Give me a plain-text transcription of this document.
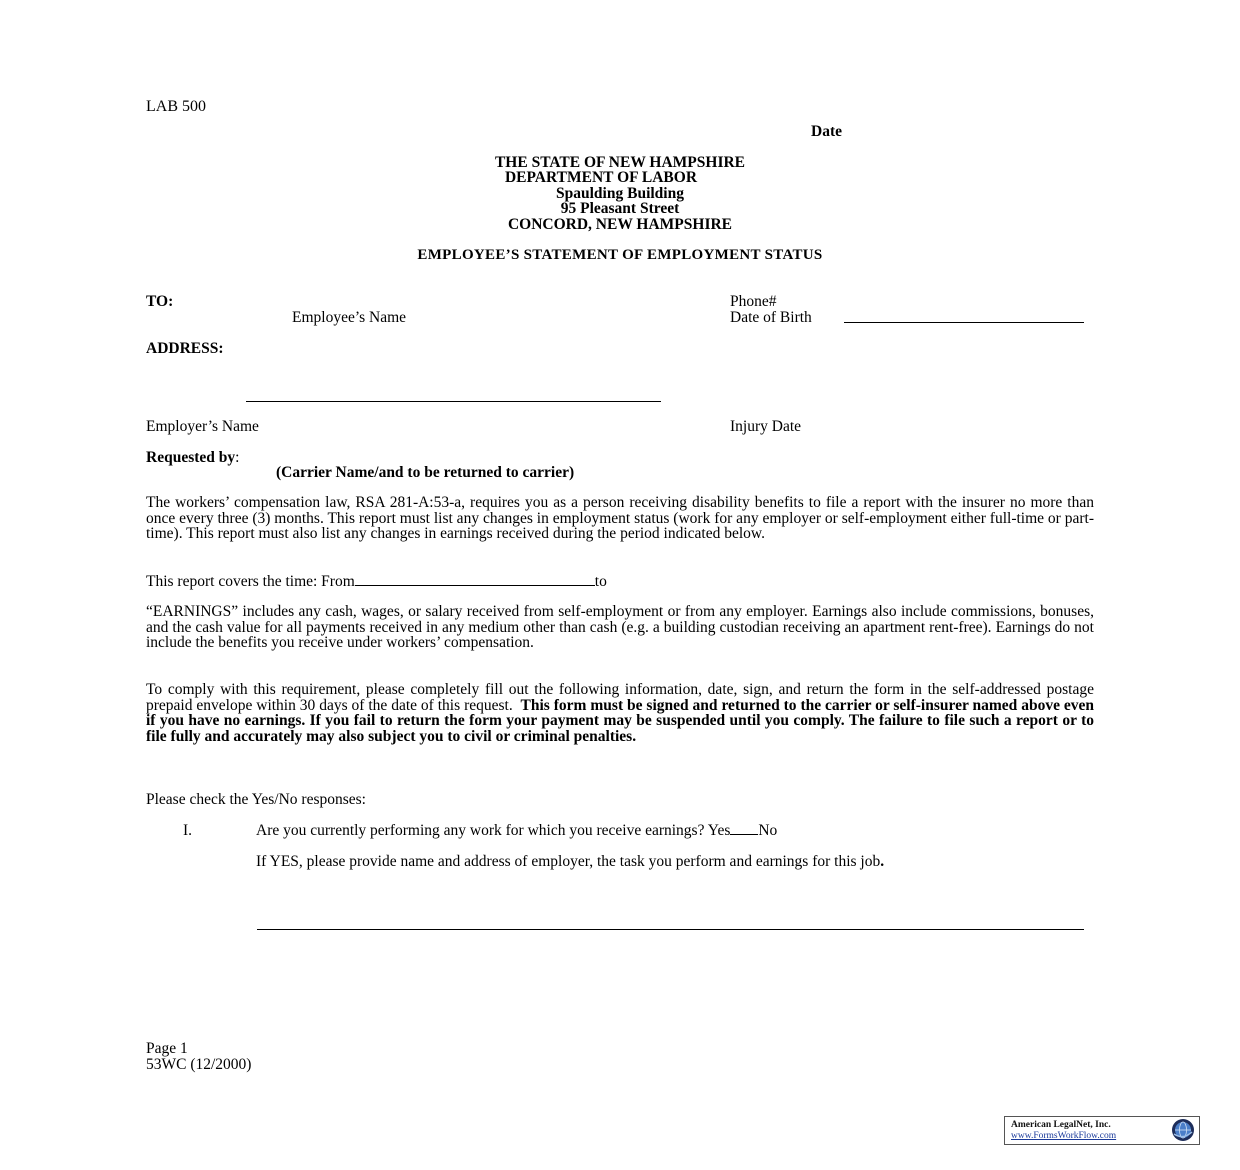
LAB 500
Date
THE STATE OF NEW HAMPSHIRE
DEPARTMENT OF LABOR
Spaulding Building
95 Pleasant Street
CONCORD, NEW HAMPSHIRE
EMPLOYEE’S STATEMENT OF EMPLOYMENT STATUS
TO:	Phone#
Employee’s Name	Date of Birth
ADDRESS:
Employer’s Name	Injury Date
Requested by:
(Carrier Name/and to be returned to carrier)
The workers’ compensation law, RSA 281-A:53-a, requires you as a person receiving disability benefits to file a report with the insurer no more than once every three (3) months. This report must list any changes in employment status (work for any employer or self-employment either full-time or part-time). This report must also list any changes in earnings received during the period indicated below.
This report covers the time: From	to
“EARNINGS” includes any cash, wages, or salary received from self-employment or from any employer. Earnings also include commissions, bonuses, and the cash value for all payments received in any medium other than cash (e.g. a building custodian receiving an apartment rent-free). Earnings do not include the benefits you receive under workers’ compensation.
To comply with this requirement, please completely fill out the following information, date, sign, and return the form in the self-addressed postage prepaid envelope within 30 days of the date of this request. This form must be signed and returned to the carrier or self-insurer named above even if you have no earnings. If you fail to return the form your payment may be suspended until you comply. The failure to file such a report or to file fully and accurately may also subject you to civil or criminal penalties.
Please check the Yes/No responses:
I.	Are you currently performing any work for which you receive earnings? Yes No
If YES, please provide name and address of employer, the task you perform and earnings for this job.
Page 1
53WC (12/2000)
American LegalNet, Inc.
www.FormsWorkFlow.com
